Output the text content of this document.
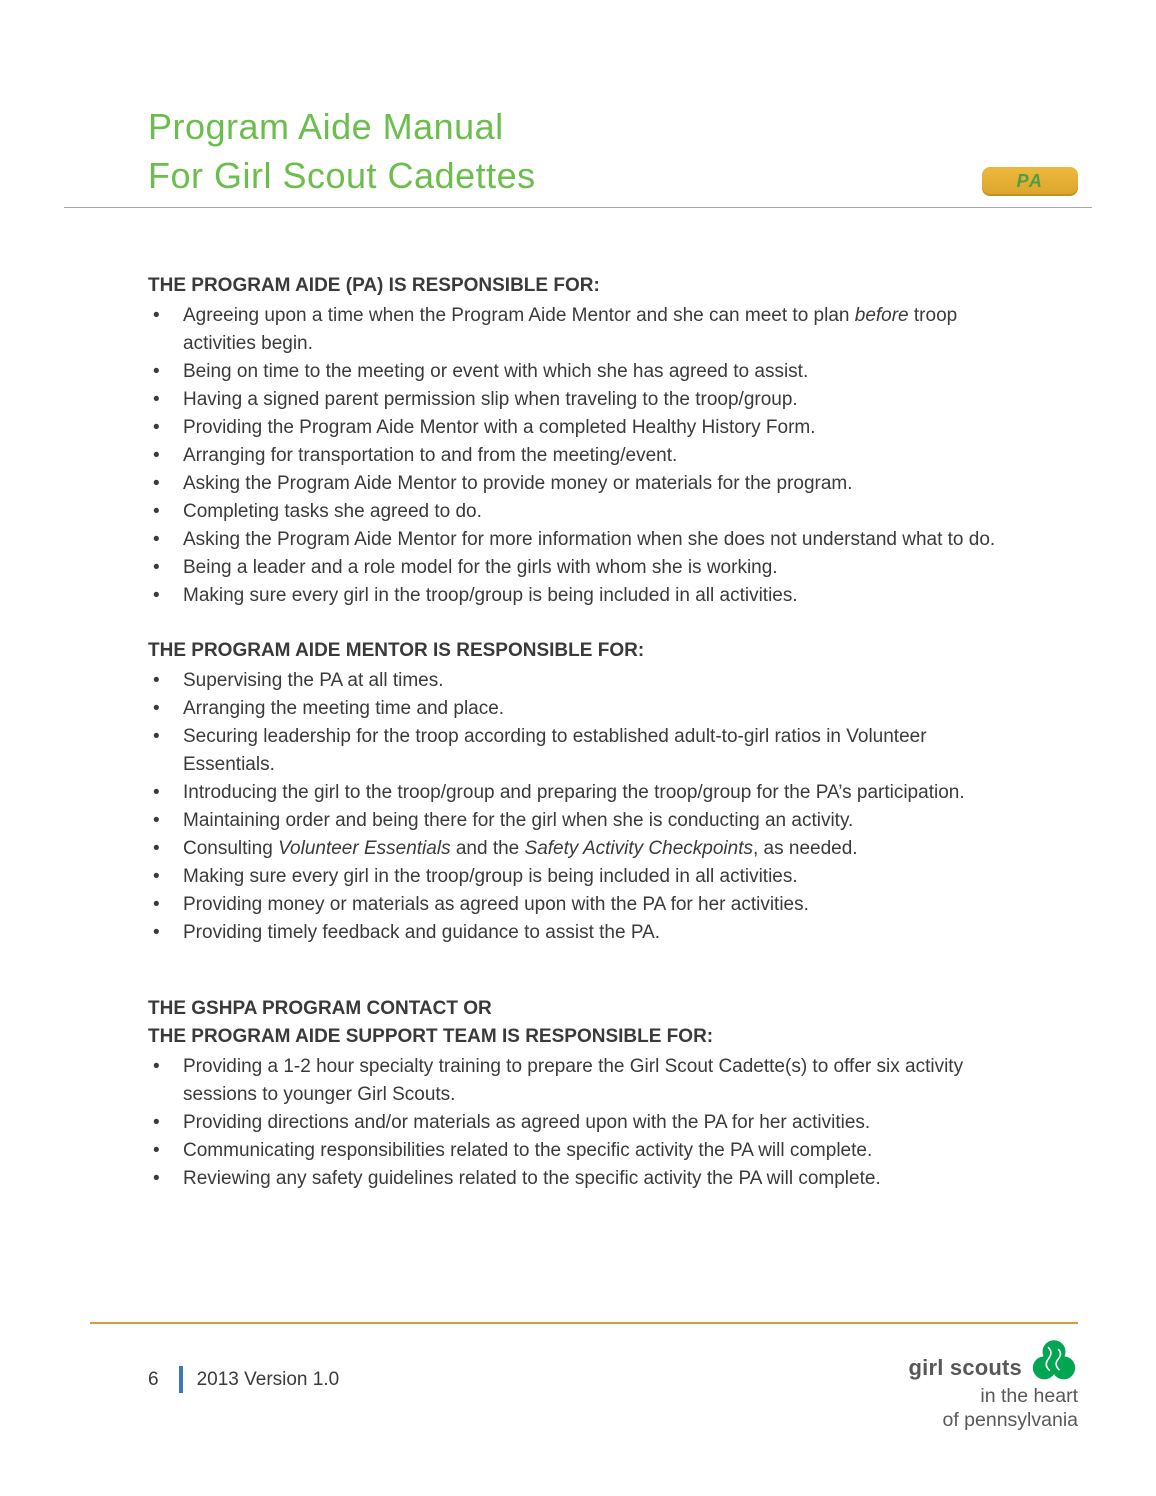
Program Aide Manual
For Girl Scout Cadettes	PA
THE PROGRAM AIDE (PA) IS RESPONSIBLE FOR:
• Agreeing upon a time when the Program Aide Mentor and she can meet to plan before troop activities begin.
• Being on time to the meeting or event with which she has agreed to assist.
• Having a signed parent permission slip when traveling to the troop/group.
• Providing the Program Aide Mentor with a completed Healthy History Form.
• Arranging for transportation to and from the meeting/event.
• Asking the Program Aide Mentor to provide money or materials for the program.
• Completing tasks she agreed to do.
• Asking the Program Aide Mentor for more information when she does not understand what to do.
• Being a leader and a role model for the girls with whom she is working.
• Making sure every girl in the troop/group is being included in all activities.
THE PROGRAM AIDE MENTOR IS RESPONSIBLE FOR:
• Supervising the PA at all times.
• Arranging the meeting time and place.
• Securing leadership for the troop according to established adult-to-girl ratios in Volunteer Essentials.
• Introducing the girl to the troop/group and preparing the troop/group for the PA’s participation.
• Maintaining order and being there for the girl when she is conducting an activity.
• Consulting Volunteer Essentials and the Safety Activity Checkpoints, as needed.
• Making sure every girl in the troop/group is being included in all activities.
• Providing money or materials as agreed upon with the PA for her activities.
• Providing timely feedback and guidance to assist the PA.
THE GSHPA PROGRAM CONTACT OR
THE PROGRAM AIDE SUPPORT TEAM IS RESPONSIBLE FOR:
• Providing a 1-2 hour specialty training to prepare the Girl Scout Cadette(s) to offer six activity sessions to younger Girl Scouts.
• Providing directions and/or materials as agreed upon with the PA for her activities.
• Communicating responsibilities related to the specific activity the PA will complete.
• Reviewing any safety guidelines related to the specific activity the PA will complete.
6 2013 Version 1.0	girl scouts
in the heart
of pennsylvania
